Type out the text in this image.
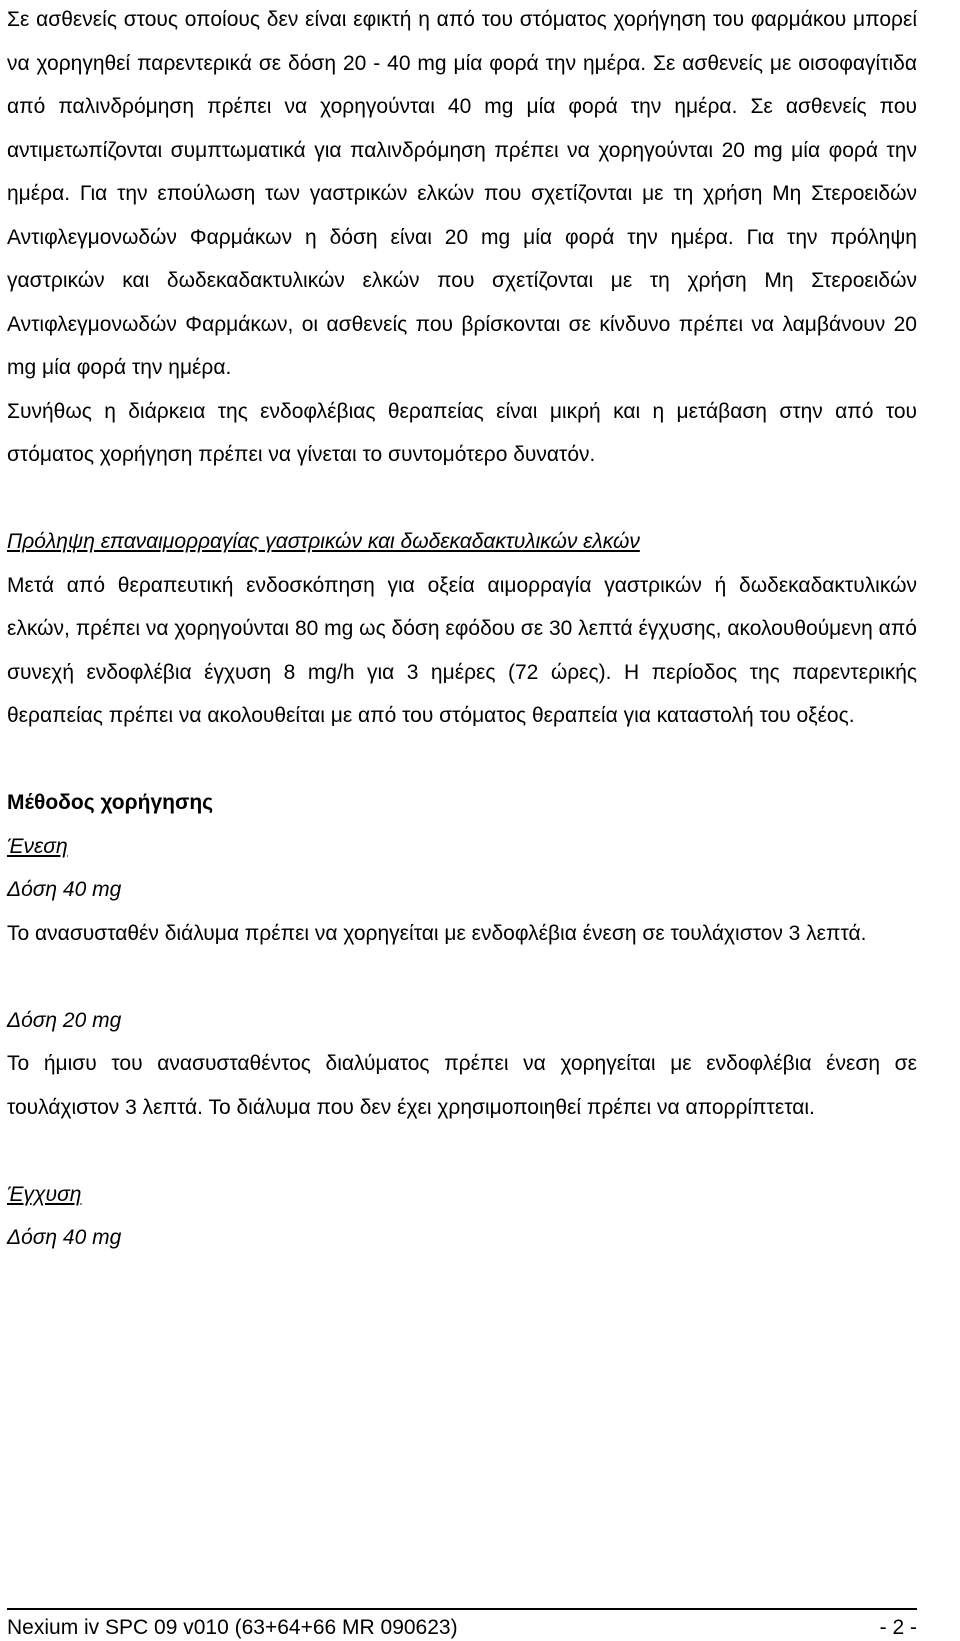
Σε ασθενείς στους οποίους δεν είναι εφικτή η από του στόματος χορήγηση του φαρμάκου μπορεί να χορηγηθεί παρεντερικά σε δόση 20 - 40 mg μία φορά την ημέρα. Σε ασθενείς με οισοφαγίτιδα από παλινδρόμηση πρέπει να χορηγούνται 40 mg μία φορά την ημέρα. Σε ασθενείς που αντιμετωπίζονται συμπτωματικά για παλινδρόμηση πρέπει να χορηγούνται 20 mg μία φορά την ημέρα. Για την επούλωση των γαστρικών ελκών που σχετίζονται με τη χρήση Μη Στεροειδών Αντιφλεγμονωδών Φαρμάκων η δόση είναι 20 mg μία φορά την ημέρα. Για την πρόληψη γαστρικών και δωδεκαδακτυλικών ελκών που σχετίζονται με τη χρήση Μη Στεροειδών Αντιφλεγμονωδών Φαρμάκων, οι ασθενείς που βρίσκονται σε κίνδυνο πρέπει να λαμβάνουν 20 mg μία φορά την ημέρα.

Συνήθως η διάρκεια της ενδοφλέβιας θεραπείας είναι μικρή και η μετάβαση στην από του στόματος χορήγηση πρέπει να γίνεται το συντομότερο δυνατόν.

Πρόληψη επαναιμορραγίας γαστρικών και δωδεκαδακτυλικών ελκών

Μετά από θεραπευτική ενδοσκόπηση για οξεία αιμορραγία γαστρικών ή δωδεκαδακτυλικών ελκών, πρέπει να χορηγούνται 80 mg ως δόση εφόδου σε 30 λεπτά έγχυσης, ακολουθούμενη από συνεχή ενδοφλέβια έγχυση 8 mg/h για 3 ημέρες (72 ώρες). Η περίοδος της παρεντερικής θεραπείας πρέπει να ακολουθείται με από του στόματος θεραπεία για καταστολή του οξέος.

Μέθοδος χορήγησης

Ένεση

Δόση 40 mg

Το ανασυσταθέν διάλυμα πρέπει να χορηγείται με ενδοφλέβια ένεση σε τουλάχιστον 3 λεπτά.

Δόση 20 mg

Το ήμισυ του ανασυσταθέντος διαλύματος πρέπει να χορηγείται με ενδοφλέβια ένεση σε τουλάχιστον 3 λεπτά. Το διάλυμα που δεν έχει χρησιμοποιηθεί πρέπει να απορρίπτεται.

Έγχυση

Δόση 40 mg

Nexium iv SPC 09 v010 (63+64+66 MR 090623)	- 2 -
